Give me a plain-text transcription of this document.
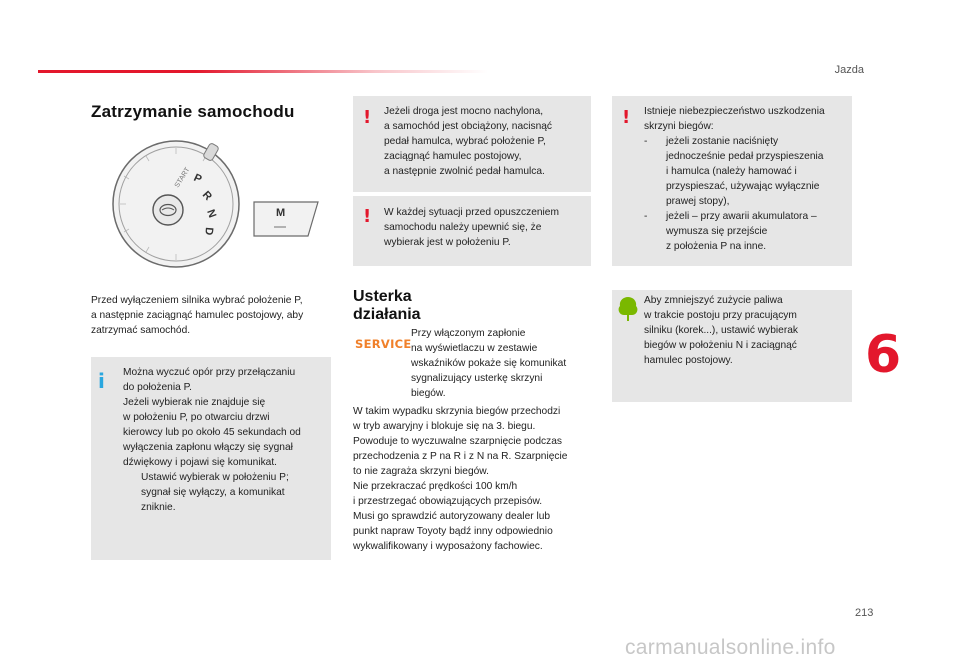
Jazda
Zatrzymanie samochodu
START P
R
N
D
M
Przed wyłączeniem silnika wybrać położenie P,
a następnie zaciągnąć hamulec postojowy, aby
zatrzymać samochód.
i Można wyczuć opór przy przełączaniu
do położenia P.
Jeżeli wybierak nie znajduje się
w położeniu P, po otwarciu drzwi
kierowcy lub po około 45 sekundach od
wyłączenia zapłonu włączy się sygnał
dźwiękowy i pojawi się komunikat.
Ustawić wybierak w położeniu P;
sygnał się wyłączy, a komunikat
zniknie.
! Jeżeli droga jest mocno nachylona,
a samochód jest obciążony, nacisnąć
pedał hamulca, wybrać położenie P,
zaciągnąć hamulec postojowy,
a następnie zwolnić pedał hamulca.
! W każdej sytuacji przed opuszczeniem
samochodu należy upewnić się, że
wybierak jest w położeniu P.
Usterka
działania
SERVICE
Przy włączonym zapłonie
na wyświetlaczu w zestawie
wskaźników pokaże się komunikat
sygnalizujący usterkę skrzyni
biegów.
W takim wypadku skrzynia biegów przechodzi
w tryb awaryjny i blokuje się na 3. biegu.
Powoduje to wyczuwalne szarpnięcie podczas
przechodzenia z P na R i z N na R. Szarpnięcie
to nie zagraża skrzyni biegów.
Nie przekraczać prędkości 100 km/h
i przestrzegać obowiązujących przepisów.
Musi go sprawdzić autoryzowany dealer lub
punkt napraw Toyoty bądź inny odpowiednio
wykwalifikowany i wyposażony fachowiec.
! Istnieje niebezpieczeństwo uszkodzenia
skrzyni biegów:
- jeżeli zostanie naciśnięty
jednocześnie pedał przyspieszenia
i hamulca (należy hamować i
przyspieszać, używając wyłącznie
prawej stopy),
- jeżeli – przy awarii akumulatora –
wymusza się przejście
z położenia P na inne.
Aby zmniejszyć zużycie paliwa
w trakcie postoju przy pracującym
silniku (korek...), ustawić wybierak
biegów w położeniu N i zaciągnąć
hamulec postojowy.	6
213
carmanualsonline.info
